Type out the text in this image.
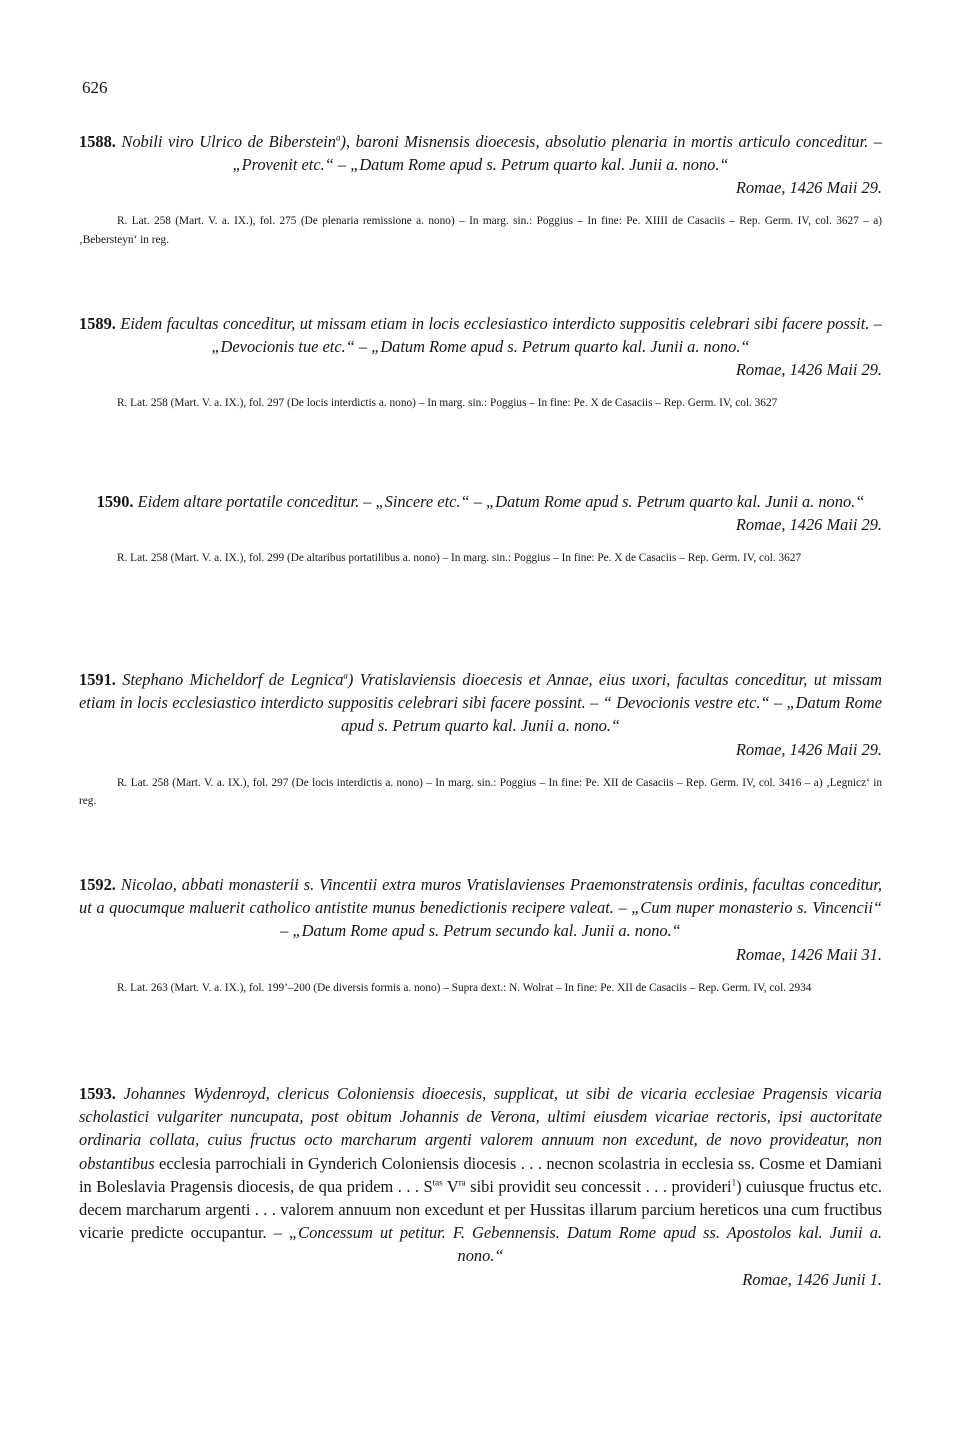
626
1588. Nobili viro Ulrico de Biberstein$^a$), baroni Misnensis dioecesis, absolutio plenaria in mortis articulo conceditur. – „Provenit etc.“ – „Datum Rome apud s. Petrum quarto kal. Junii a. nono.“
Romae, 1426 Maii 29.
R. Lat. 258 (Mart. V. a. IX.), fol. 275 (De plenaria remissione a. nono) – In marg. sin.: Poggius – In fine: Pe. XIIII de Casaciis – Rep. Germ. IV, col. 3627 – a) ‚Bebersteyn‘ in reg.
1589. Eidem facultas conceditur, ut missam etiam in locis ecclesiastico interdicto suppositis celebrari sibi facere possit. – „Devocionis tue etc.“ – „Datum Rome apud s. Petrum quarto kal. Junii a. nono.“
Romae, 1426 Maii 29.
R. Lat. 258 (Mart. V. a. IX.), fol. 297 (De locis interdictis a. nono) – In marg. sin.: Poggius – In fine: Pe. X de Casaciis – Rep. Germ. IV, col. 3627
1590. Eidem altare portatile conceditur. – „Sincere etc.“ – „Datum Rome apud s. Petrum quarto kal. Junii a. nono.“
Romae, 1426 Maii 29.
R. Lat. 258 (Mart. V. a. IX.), fol. 299 (De altaribus portatilibus a. nono) – In marg. sin.: Poggius – In fine: Pe. X de Casaciis – Rep. Germ. IV, col. 3627
1591. Stephano Micheldorf de Legnica$^a$) Vratislaviensis dioecesis et Annae, eius uxori, facultas conceditur, ut missam etiam in locis ecclesiastico interdicto suppositis celebrari sibi facere possint. – “ Devocionis vestre etc.“ – „Datum Rome apud s. Petrum quarto kal. Junii a. nono.“
Romae, 1426 Maii 29.
R. Lat. 258 (Mart. V. a. IX.), fol. 297 (De locis interdictis a. nono) – In marg. sin.: Poggius – In fine: Pe. XII de Casaciis – Rep. Germ. IV, col. 3416 – a) ‚Legnicz‘ in reg.
1592. Nicolao, abbati monasterii s. Vincentii extra muros Vratislavienses Praemonstratensis ordinis, facultas conceditur, ut a quocumque maluerit catholico antistite munus benedictionis recipere valeat. – „Cum nuper monasterio s. Vincencii“ – „Datum Rome apud s. Petrum secundo kal. Junii a. nono.“
Romae, 1426 Maii 31.
R. Lat. 263 (Mart. V. a. IX.), fol. 199’–200 (De diversis formis a. nono) – Supra dext.: N. Wolrat – In fine: Pe. XII de Casaciis – Rep. Germ. IV, col. 2934
1593. Johannes Wydenroyd, clericus Coloniensis dioecesis, supplicat, ut sibi de vicaria ecclesiae Pragensis vicaria scholastici vulgariter nuncupata, post obitum Johannis de Verona, ultimi eiusdem vicariae rectoris, ipsi auctoritate ordinaria collata, cuius fructus octo marcharum argenti valorem annuum non excedunt, de novo provideatur, non obstantibus ecclesia parrochiali in Gynderich Coloniensis diocesis . . . necnon scolastria in ecclesia ss. Cosme et Damiani in Boleslavia Pragensis diocesis, de qua pridem . . . $S^{tas}$ $V^{ra}$ sibi providit seu concessit . . . provideri$^1$) cuiusque fructus etc. decem marcharum argenti . . . valorem annuum non excedunt et per Hussitas illarum parcium hereticos una cum fructibus vicarie predicte occupantur. – „Concessum ut petitur. F. Gebennensis. Datum Rome apud ss. Apostolos kal. Junii a. nono.“
Romae, 1426 Junii 1.
